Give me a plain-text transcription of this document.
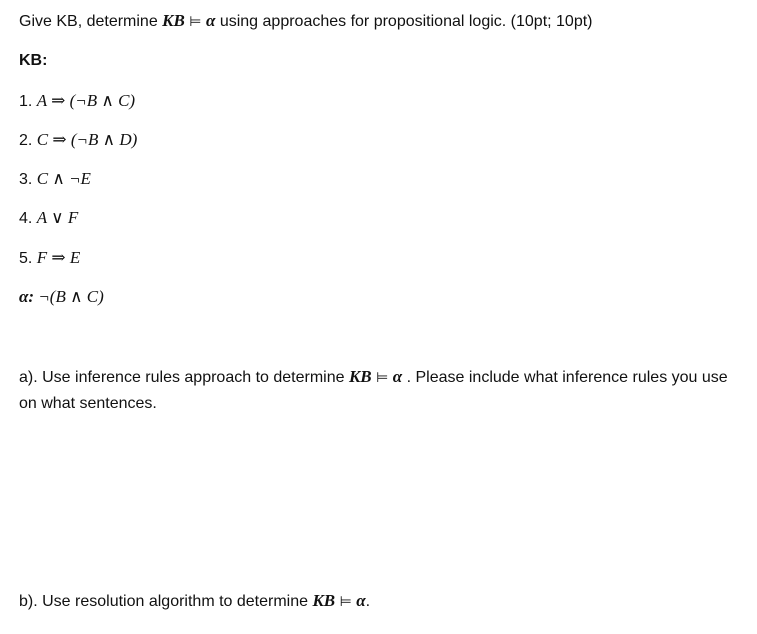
Give KB, determine KB ⊨ α using approaches for propositional logic. (10pt; 10pt)
KB:
1. A ⇒ (¬B ∧ C)
2. C ⇒ (¬B ∧ D)
3. C ∧ ¬E
4. A ∨ F
5. F ⇒ E
α: ¬(B ∧ C)
a). Use inference rules approach to determine KB ⊨ α . Please include what inference rules you use on what sentences.
b). Use resolution algorithm to determine KB ⊨ α.
